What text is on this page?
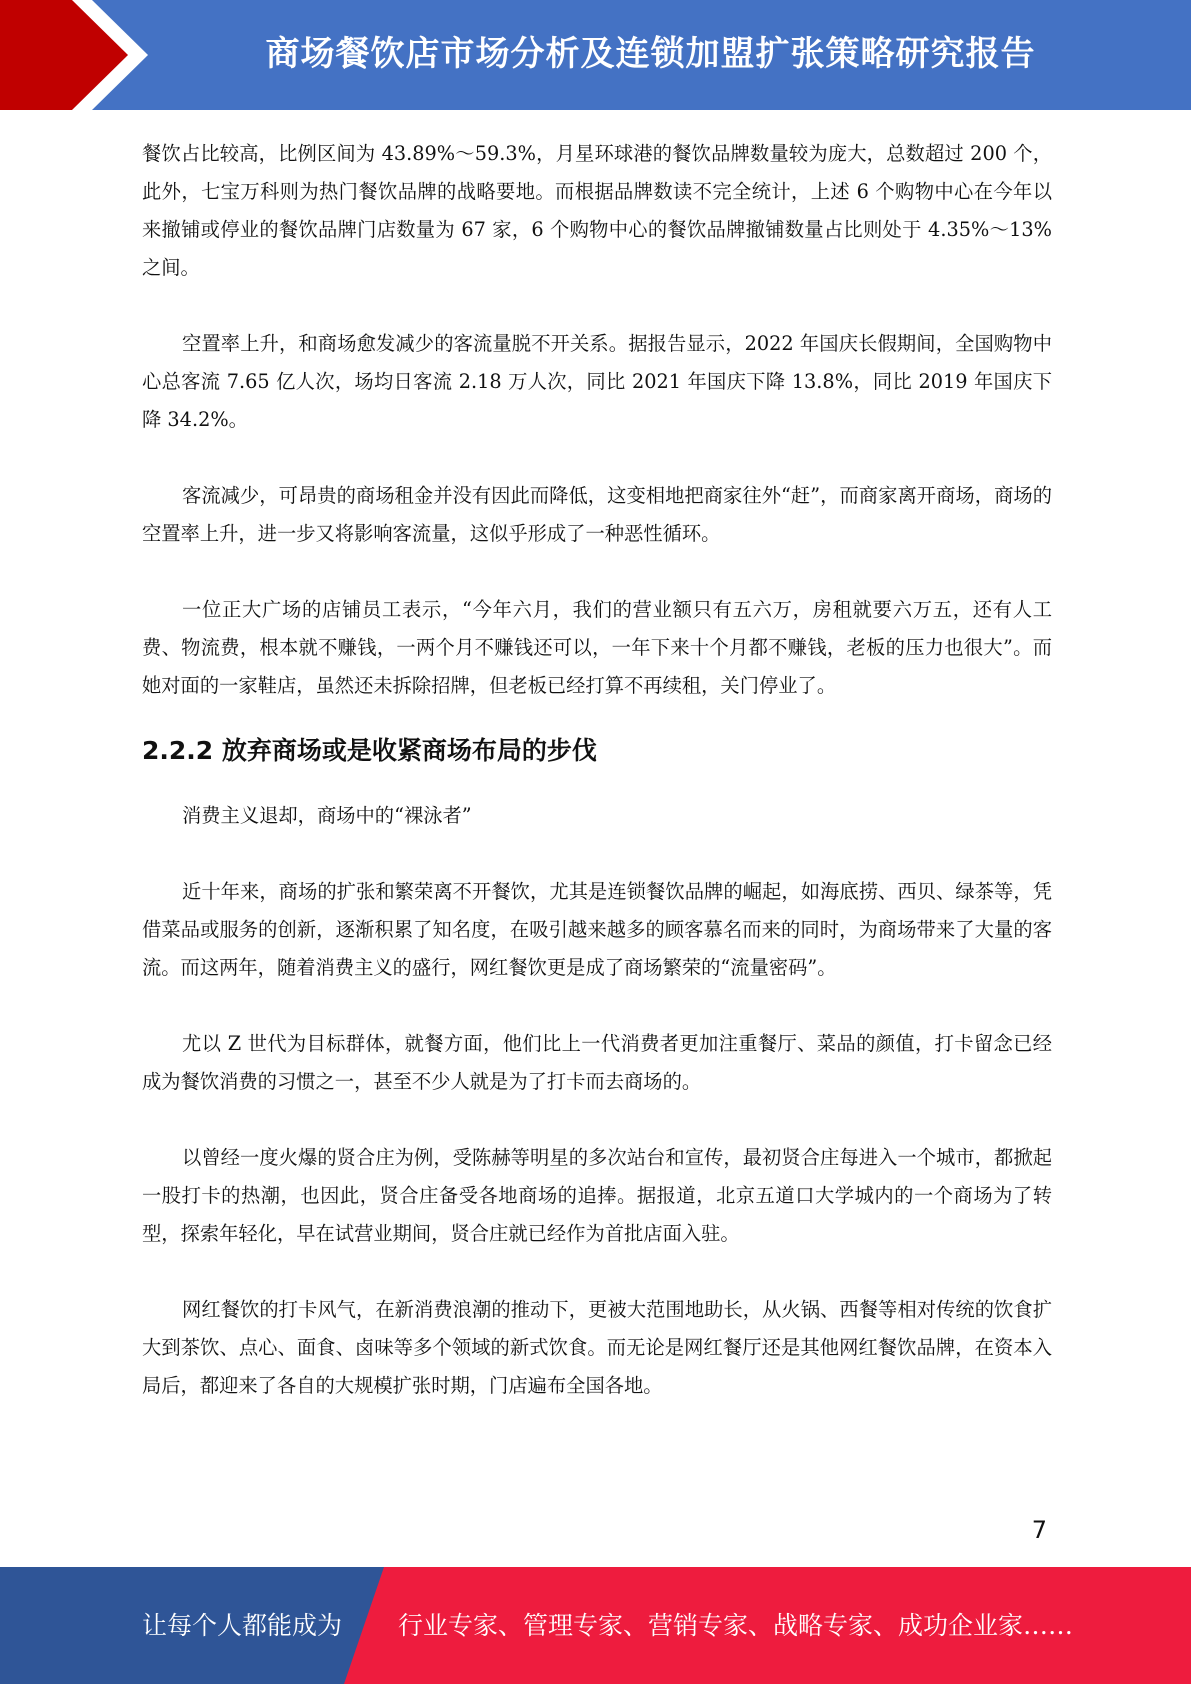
商场餐饮店市场分析及连锁加盟扩张策略研究报告

餐饮占比较高，比例区间为 43.89%～59.3%，月星环球港的餐饮品牌数量较为庞大，总数超过 200 个，此外，七宝万科则为热门餐饮品牌的战略要地。而根据品牌数读不完全统计，上述 6 个购物中心在今年以来撤铺或停业的餐饮品牌门店数量为 67 家，6 个购物中心的餐饮品牌撤铺数量占比则处于 4.35%～13%之间。

空置率上升，和商场愈发减少的客流量脱不开关系。据报告显示，2022 年国庆长假期间，全国购物中心总客流 7.65 亿人次，场均日客流 2.18 万人次，同比 2021 年国庆下降 13.8%，同比 2019 年国庆下降 34.2%。

客流减少，可昂贵的商场租金并没有因此而降低，这变相地把商家往外“赶”，而商家离开商场，商场的空置率上升，进一步又将影响客流量，这似乎形成了一种恶性循环。

一位正大广场的店铺员工表示，“今年六月，我们的营业额只有五六万，房租就要六万五，还有人工费、物流费，根本就不赚钱，一两个月不赚钱还可以，一年下来十个月都不赚钱，老板的压力也很大”。而她对面的一家鞋店，虽然还未拆除招牌，但老板已经打算不再续租，关门停业了。

2.2.2 放弃商场或是收紧商场布局的步伐

消费主义退却，商场中的“裸泳者”

近十年来，商场的扩张和繁荣离不开餐饮，尤其是连锁餐饮品牌的崛起，如海底捞、西贝、绿茶等，凭借菜品或服务的创新，逐渐积累了知名度，在吸引越来越多的顾客慕名而来的同时，为商场带来了大量的客流。而这两年，随着消费主义的盛行，网红餐饮更是成了商场繁荣的“流量密码”。

尤以 Z 世代为目标群体，就餐方面，他们比上一代消费者更加注重餐厅、菜品的颜值，打卡留念已经成为餐饮消费的习惯之一，甚至不少人就是为了打卡而去商场的。

以曾经一度火爆的贤合庄为例，受陈赫等明星的多次站台和宣传，最初贤合庄每进入一个城市，都掀起一股打卡的热潮，也因此，贤合庄备受各地商场的追捧。据报道，北京五道口大学城内的一个商场为了转型，探索年轻化，早在试营业期间，贤合庄就已经作为首批店面入驻。

网红餐饮的打卡风气，在新消费浪潮的推动下，更被大范围地助长，从火锅、西餐等相对传统的饮食扩大到茶饮、点心、面食、卤味等多个领域的新式饮食。而无论是网红餐厅还是其他网红餐饮品牌，在资本入局后，都迎来了各自的大规模扩张时期，门店遍布全国各地。

7
让每个人都能成为 行业专家、管理专家、营销专家、战略专家、成功企业家……
